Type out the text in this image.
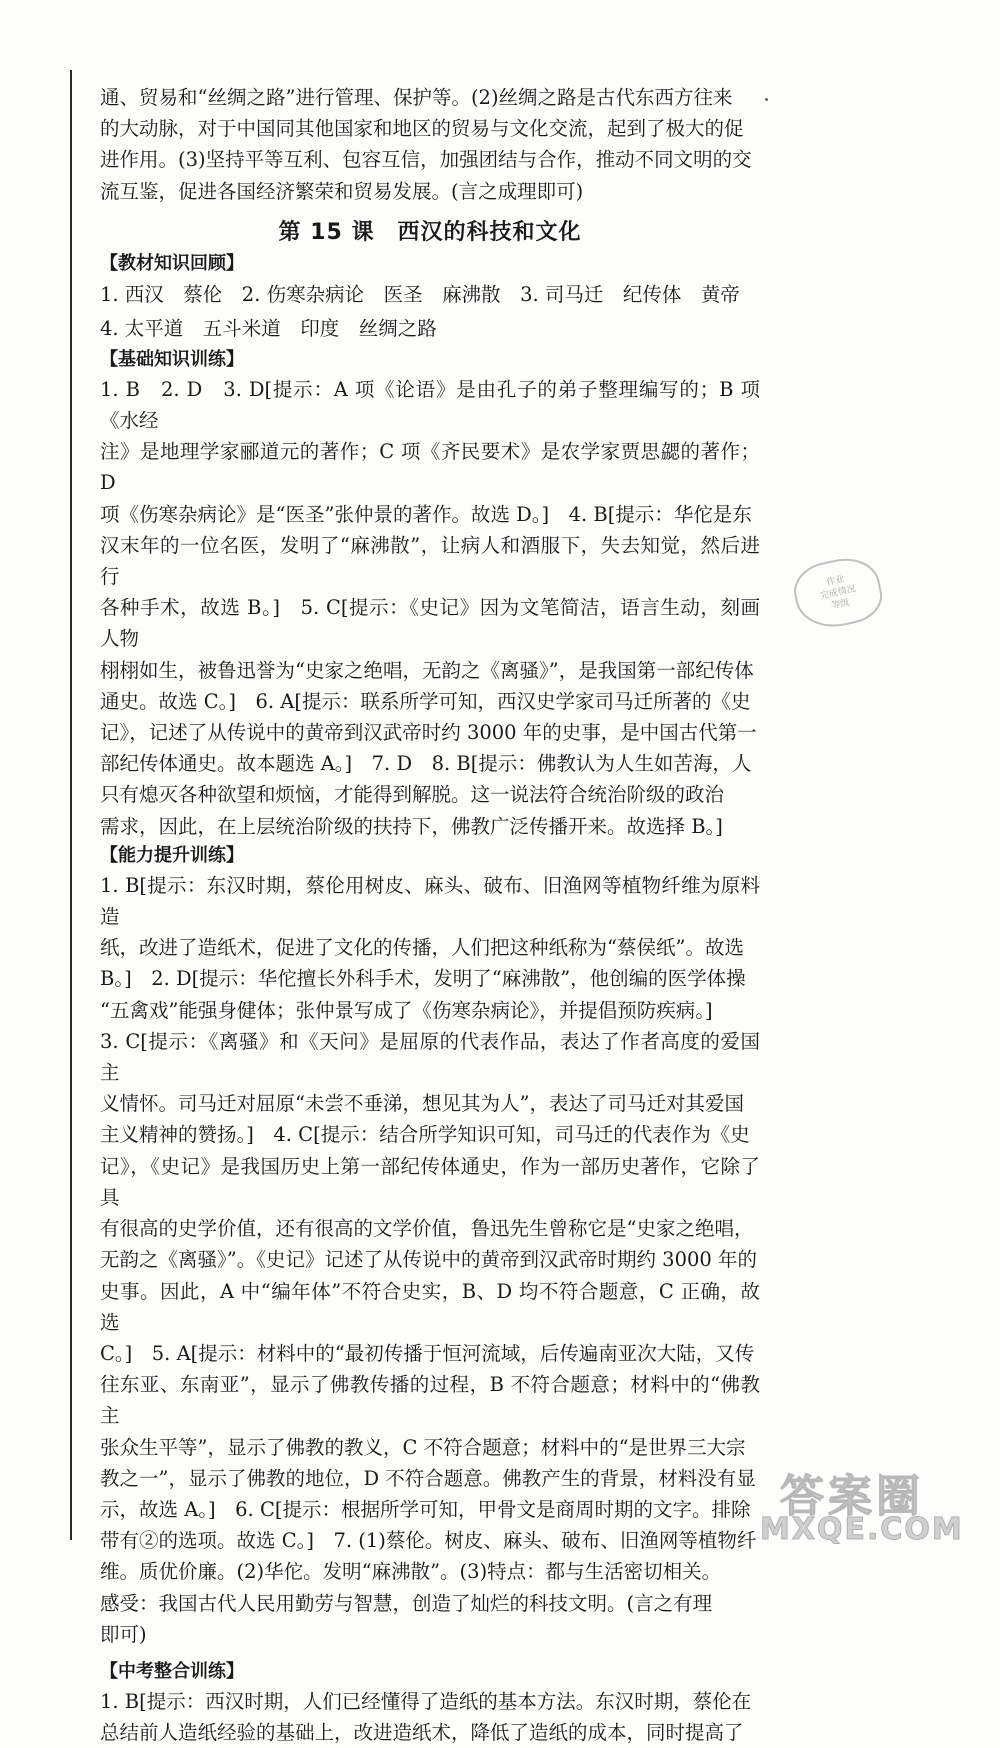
通、贸易和“丝绸之路”进行管理、保护等。(2)丝绸之路是古代东西方往来
的大动脉，对于中国同其他国家和地区的贸易与文化交流，起到了极大的促
进作用。(3)坚持平等互利、包容互信，加强团结与合作，推动不同文明的交
流互鉴，促进各国经济繁荣和贸易发展。(言之成理即可)
第 15 课　西汉的科技和文化
【教材知识回顾】
1. 西汉　蔡伦　2. 伤寒杂病论　医圣　麻沸散　3. 司马迁　纪传体　黄帝
4. 太平道　五斗米道　印度　丝绸之路
【基础知识训练】
1. B　2. D　3. D[提示：A 项《论语》是由孔子的弟子整理编写的；B 项《水经
注》是地理学家郦道元的著作；C 项《齐民要术》是农学家贾思勰的著作；D
项《伤寒杂病论》是“医圣”张仲景的著作。故选 D。]　4. B[提示：华佗是东
汉末年的一位名医，发明了“麻沸散”，让病人和酒服下，失去知觉，然后进行
各种手术，故选 B。]　5. C[提示：《史记》因为文笔简洁，语言生动，刻画人物
栩栩如生，被鲁迅誉为“史家之绝唱，无韵之《离骚》”，是我国第一部纪传体
通史。故选 C。]　6. A[提示：联系所学可知，西汉史学家司马迁所著的《史
记》，记述了从传说中的黄帝到汉武帝时约 3000 年的史事，是中国古代第一
部纪传体通史。故本题选 A。]　7. D　8. B[提示：佛教认为人生如苦海，人
只有熄灭各种欲望和烦恼，才能得到解脱。这一说法符合统治阶级的政治
需求，因此，在上层统治阶级的扶持下，佛教广泛传播开来。故选择 B。]
【能力提升训练】
1. B[提示：东汉时期，蔡伦用树皮、麻头、破布、旧渔网等植物纤维为原料造
纸，改进了造纸术，促进了文化的传播，人们把这种纸称为“蔡侯纸”。故选
B。]　2. D[提示：华佗擅长外科手术，发明了“麻沸散”，他创编的医学体操
“五禽戏”能强身健体；张仲景写成了《伤寒杂病论》，并提倡预防疾病。]
3. C[提示：《离骚》和《天问》是屈原的代表作品，表达了作者高度的爱国主
义情怀。司马迁对屈原“未尝不垂涕，想见其为人”，表达了司马迁对其爱国
主义精神的赞扬。]　4. C[提示：结合所学知识可知，司马迁的代表作为《史
记》，《史记》是我国历史上第一部纪传体通史，作为一部历史著作，它除了具
有很高的史学价值，还有很高的文学价值，鲁迅先生曾称它是“史家之绝唱，
无韵之《离骚》”。《史记》记述了从传说中的黄帝到汉武帝时期约 3000 年的
史事。因此，A 中“编年体”不符合史实，B、D 均不符合题意，C 正确，故选
C。]　5. A[提示：材料中的“最初传播于恒河流域，后传遍南亚次大陆，又传
往东亚、东南亚”，显示了佛教传播的过程，B 不符合题意；材料中的“佛教主
张众生平等”，显示了佛教的教义，C 不符合题意；材料中的“是世界三大宗
教之一”，显示了佛教的地位，D 不符合题意。佛教产生的背景，材料没有显
示，故选 A。]　6. C[提示：根据所学可知，甲骨文是商周时期的文字。排除
带有②的选项。故选 C。]　7. (1)蔡伦。树皮、麻头、破布、旧渔网等植物纤
维。质优价廉。(2)华佗。发明“麻沸散”。(3)特点：都与生活密切相关。
感受：我国古代人民用勤劳与智慧，创造了灿烂的科技文明。(言之有理
即可)
【中考整合训练】
1. B[提示：西汉时期，人们已经懂得了造纸的基本方法。东汉时期，蔡伦在
总结前人造纸经验的基础上，改进造纸术，降低了造纸的成本，同时提高了
作业
完成情况
等级
答案圈
MXQE.COM
